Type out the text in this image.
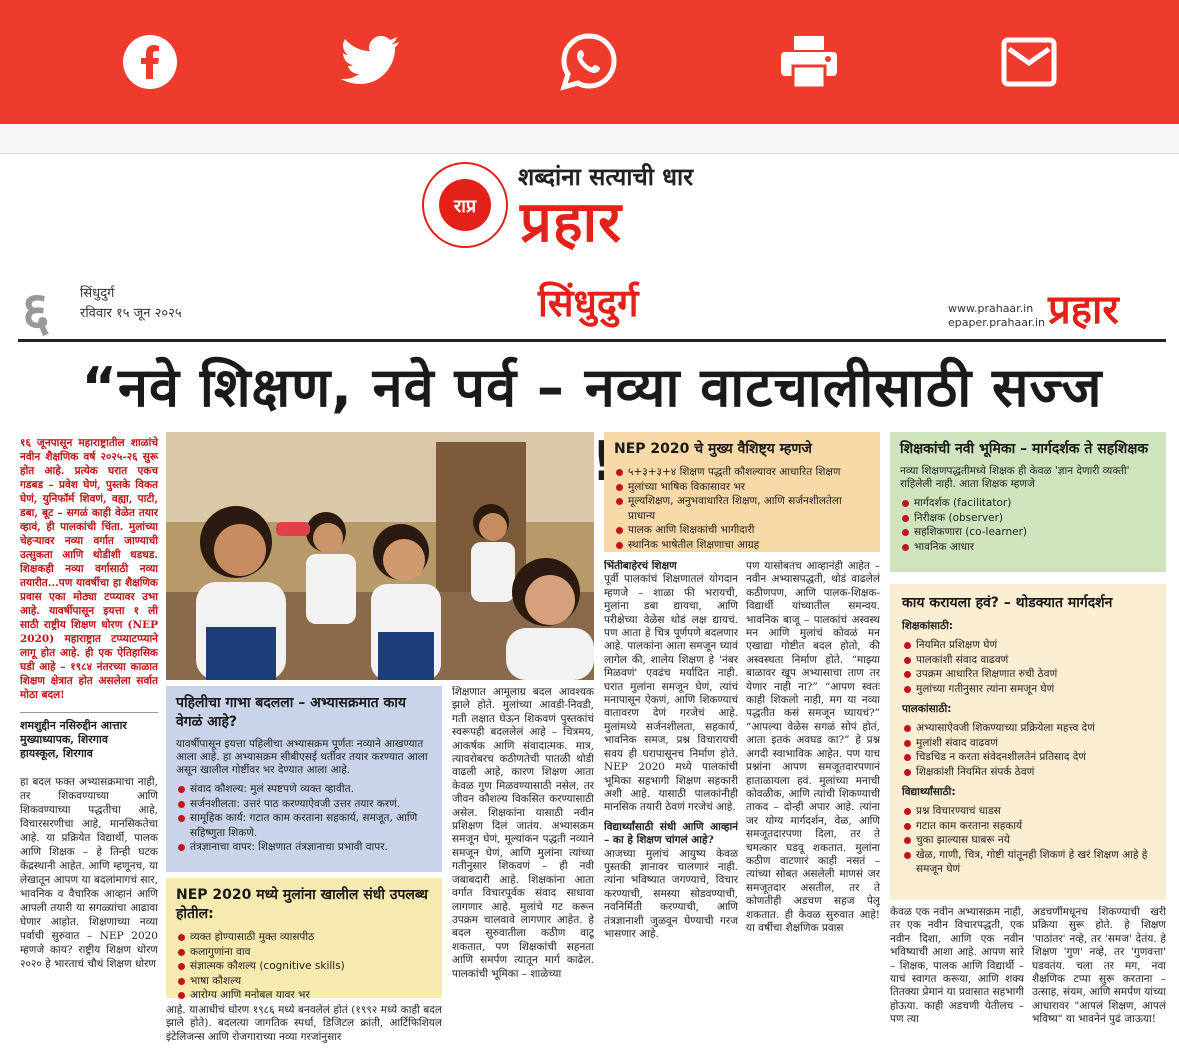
राप्र
शब्दांना सत्याची धार
प्रहार
६ सिंधुदुर्ग
रविवार १५ जून २०२५	सिंधुदुर्ग	www.prahaar.in
epaper.prahaar.in प्रहार
“नवे शिक्षण, नवे पर्व – नव्या वाटचालीसाठी सज्ज
१६ जूनपासून महाराष्ट्रातील शाळांचे नवीन शैक्षणिक वर्ष २०२५-२६ सुरू होत आहे. प्रत्येक घरात एकच गडबड – प्रवेश घेणं, पुस्तके विकत घेणं, युनिफॉर्म शिवणं, वह्या, पाटी, डबा, बूट – सगळं काही वेळेत तयार व्हावं, ही पालकांची चिंता. मुलांच्या चेहऱ्यावर नव्या वर्गात जाण्याची उत्सुकता आणि थोडीशी धडधड. शिक्षकही नव्या वर्गासाठी नव्या तयारीत...पण यावर्षीचा हा शैक्षणिक प्रवास एका मोठ्या टप्प्यावर उभा आहे. यावर्षीपासून इयत्ता १ ली साठी राष्ट्रीय शिक्षण धोरण (NEP 2020) महाराष्ट्रात टप्प्याटप्प्याने लागू होत आहे. ही एक ऐतिहासिक घडी आहे – १९८४ नंतरच्या काळात शिक्षण क्षेत्रात होत असलेला सर्वात मोठा बदल!
शमशुद्दीन नसिरुद्दीन आत्तार
मुख्याध्यापक, शिरगाव
हायस्कूल, शिरगाव
हा बदल फक्त अभ्यासक्रमाचा नाही, तर शिकवण्याच्या आणि शिकवण्याच्या पद्धतीचा आहे, विचारसरणीचा आहे, मानसिकतेचा आहे. या प्रक्रियेत विद्यार्थी, पालक आणि शिक्षक – हे तिन्ही घटक केंद्रस्थानी आहेत. आणि म्हणूनच, या लेखातून आपण या बदलांमागचं सार, भावनिक व वैचारिक आव्हानं आणि आपली तयारी या सगळ्यांचा आढावा घेणार आहोत. शिक्षणाच्या नव्या पर्वाची सुरुवात – NEP 2020 म्हणजे काय? राष्ट्रीय शिक्षण धोरण २०२० हे भारताचं चौथं शिक्षण धोरण
पहिलीचा गाभा बदलला – अभ्यासक्रमात काय वेगळं आहे?

यावर्षीपासून इयत्ता पहिलीचा अभ्यासक्रम पूर्णतः नव्याने आखण्यात आला आहे. हा अभ्यासक्रम सीबीएसई धर्तीवर तयार करण्यात आला असून खालील गोष्टींवर भर देण्यात आला आहे.

संवाद कौशल्य: मुलं स्पष्टपणे व्यक्त व्हावीत.
सर्जनशीलता: उत्तरं पाठ करण्याऐवजी उत्तर तयार करणं.
सामूहिक कार्य: गटात काम करताना सहकार्य, समजूत, आणि सहिष्णुता शिकणे.
तंत्रज्ञानाचा वापर: शिक्षणात तंत्रज्ञानाचा प्रभावी वापर.
NEP 2020 मध्ये मुलांना खालील संधी उपलब्ध होतील:
व्यक्त होण्यासाठी मुक्त व्यासपीठ
कलागुणांना वाव
संज्ञात्मक कौशल्य (cognitive skills)
भाषा कौशल्य
आरोग्य आणि मनोबल यावर भर
आहे. याआधीचं धोरण १९८६ मध्ये बनवलेलं होतं (१९९२ मध्ये काही बदल झाले होते). बदलत्या जागतिक स्पर्धा, डिजिटल क्रांती, आर्टिफिशियल इंटेलिजन्स आणि रोजगाराच्या नव्या गरजांनुसार
NEP 2020 चे मुख्य वैशिष्ट्य म्हणजे
५+३+३+४ शिक्षण पद्धती कौशल्यावर आधारित शिक्षण
मुलांच्या भाषिक विकासावर भर
मूल्यशिक्षण, अनुभवाधारित शिक्षण, आणि सर्जनशीलतेला प्राधान्य
पालक आणि शिक्षकांची भागीदारी
स्थानिक भाषेतील शिक्षणाचा आग्रह
शिक्षकांची नवी भूमिका – मार्गदर्शक ते सहशिक्षक

नव्या शिक्षणपद्धतीमध्ये शिक्षक ही केवळ 'ज्ञान देणारी व्यक्ती' राहिलेली नाही. आता शिक्षक म्हणजे

मार्गदर्शक (facilitator)
निरीक्षक (observer)
सहशिकणारा (co-learner)
भावनिक आधार
काय करायला हवं? – थोडक्यात मार्गदर्शन
शिक्षकांसाठी:
नियमित प्रशिक्षण घेणं
पालकांशी संवाद वाढवणं
उपक्रम आधारित शिक्षणात रुची ठेवणं
मुलांच्या गतीनुसार त्यांना समजून घेणं
पालकांसाठी:
अभ्यासाऐवजी शिकण्याच्या प्रक्रियेला महत्त्व देणं
मुलांशी संवाद वाढवणं
चिडचिड न करता संवेदनशीलतेनं प्रतिसाद देणं
शिक्षकांशी नियमित संपर्क ठेवणं
विद्यार्थ्यांसाठी:
प्रश्न विचारण्याचं धाडस
गटात काम करताना सहकार्य
चुका झाल्यास घाबरू नये
खेळ, गाणी, चित्र, गोष्टी यांतूनही शिकणं हे खरं शिक्षण आहे हे समजून घेणं
शिक्षणात आमूलाग्र बदल आवश्यक झाले होते. मुलांच्या आवडी-निवडी, गती लक्षात घेऊन शिकवणं पुस्तकांचं स्वरूपही बदललेलं आहे – चित्रमय, आकर्षक आणि संवादात्मक. मात्र, त्यावरोबरच कठीणतेची पातळी थोडी वाढली आहे, कारण शिक्षण आता केवळ गुण मिळवण्यासाठी नसेल, तर जीवन कौशल्य विकसित करण्यासाठी असेल. शिक्षकांना यासाठी नवीन प्रशिक्षण दिलं जातंय. अभ्यासक्रम समजून घेणं, मूल्यांकन पद्धती नव्याने समजून घेणं, आणि मुलांना त्यांच्या गतीनुसार शिकवणं – ही नवी जबाबदारी आहे. शिक्षकांना आता वर्गात विचारपूर्वक संवाद साधावा लागणार आहे. मुलांचे गट करून उपक्रम चालवावे लागणार आहेत. हे बदल सुरुवातीला कठीण वाटू शकतात, पण शिक्षकांची सहनता आणि समर्पण त्यातून मार्ग काढेल. पालकांची भूमिका – शाळेच्या
भिंतीबाहेरचं शिक्षण
पूर्वी पालकांचं शिक्षणातलं योगदान म्हणजे – शाळा फी भरायची, मुलांना डबा द्यायचा, आणि परीक्षेच्या वेळेस थोडं लक्ष द्यायचं. पण आता हे चित्र पूर्णपणे बदलणार आहे. पालकांना आता समजून घ्यावं लागेल की, शालेय शिक्षण हे 'नंबर मिळवणं' एवढंच मर्यादित नाही. घरात मुलांना समजून घेणं, त्यांचं मनापासून ऐकणं, आणि शिकण्याचं वातावरण देणं गरजेचं आहे. मुलांमध्ये सर्जनशीलता, सहकार्य, भावनिक समज, प्रश्न विचारायची सवय ही घरापासूनच निर्माण होते. NEP 2020 मध्ये पालकांची भूमिका सहभागी शिक्षण सहकारी अशी आहे. यासाठी पालकांनीही मानसिक तयारी ठेवणं गरजेचं आहे.
विद्यार्थ्यांसाठी संधी आणि आव्हानं – का हे शिक्षण चांगलं आहे?
आजच्या मुलांचं आयुष्य केवळ पुस्तकी ज्ञानावर चालणारं नाही. त्यांना भविष्यात जगण्याचे, विचार करण्याची, समस्या सोडवण्याची, नवनिर्मिती करण्याची, आणि तंत्रज्ञानाशी जुळवून घेण्याची गरज भासणार आहे.
पण यासोबतच आव्हानंही आहेत – नवीन अभ्यासपद्धती, थोडं वाढलेलं कठीणपण, आणि पालक-शिक्षक-विद्यार्थी यांच्यातील समन्वय. भावनिक बाजू – पालकांचं अस्वस्थ मन आणि मुलांचं कोवळं मन एखाद्या गोष्टीत बदल होतो, की अस्वस्थता निर्माण होते. “माझ्या बाळावर खूप अभ्यासाचा ताण तर येणार नाही ना?” “आपण स्वतः काही शिकलो नाही, मग या नव्या पद्धतीत कसं समजून घ्यायचं?” “आपल्या वेळेस सगळं सोपं होतं, आता इतकं अवघड का?” हे प्रश्न अगदी स्वाभाविक आहेत. पण याच प्रश्नांना आपण समजूतदारपणानं हाताळायला हवं. मुलांच्या मनाची कोवळीक, आणि त्यांची शिकण्याची ताकद – दोन्ही अपार आहे. त्यांना जर योग्य मार्गदर्शन, वेळ, आणि समजूतदारपणा दिला, तर ते चमत्कार घडवू शकतात. मुलांना कठीण वाटणारं काही नसतं – त्यांच्या सोबत असलेली माणसं जर समजूतदार असतील, तर ते कोणतीही अडचण सहज पेलू शकतात. ही केवळ सुरुवात आहे! या वर्षीचा शैक्षणिक प्रवास
केवळ एक नवीन अभ्यासक्रम नाही, तर एक नवीन विचारपद्धती, एक नवीन दिशा, आणि एक नवीन भविष्याची आशा आहे. आपण सारे – शिक्षक, पालक आणि विद्यार्थी – याचं स्वागत करूया, आणि शक्य तितक्या प्रेमानं या प्रवासात सहभागी होऊया. काही अडचणी येतीलच – पण त्या
अडचणींमधूनच शिकण्याची खरी प्रक्रिया सुरू होते. हे शिक्षण 'पाठांतर' नव्हे, तर 'समज' देतंय. हे शिक्षण 'गुण' नव्हे, तर 'गुणवत्ता' घडवतंय. चला तर मग, नवा शैक्षणिक टप्पा सुरू करताना – उत्साह, संयम, आणि समर्पण यांच्या आधारावर "आपलं शिक्षण, आपलं भविष्य" या भावनेनं पुढं जाऊया!
